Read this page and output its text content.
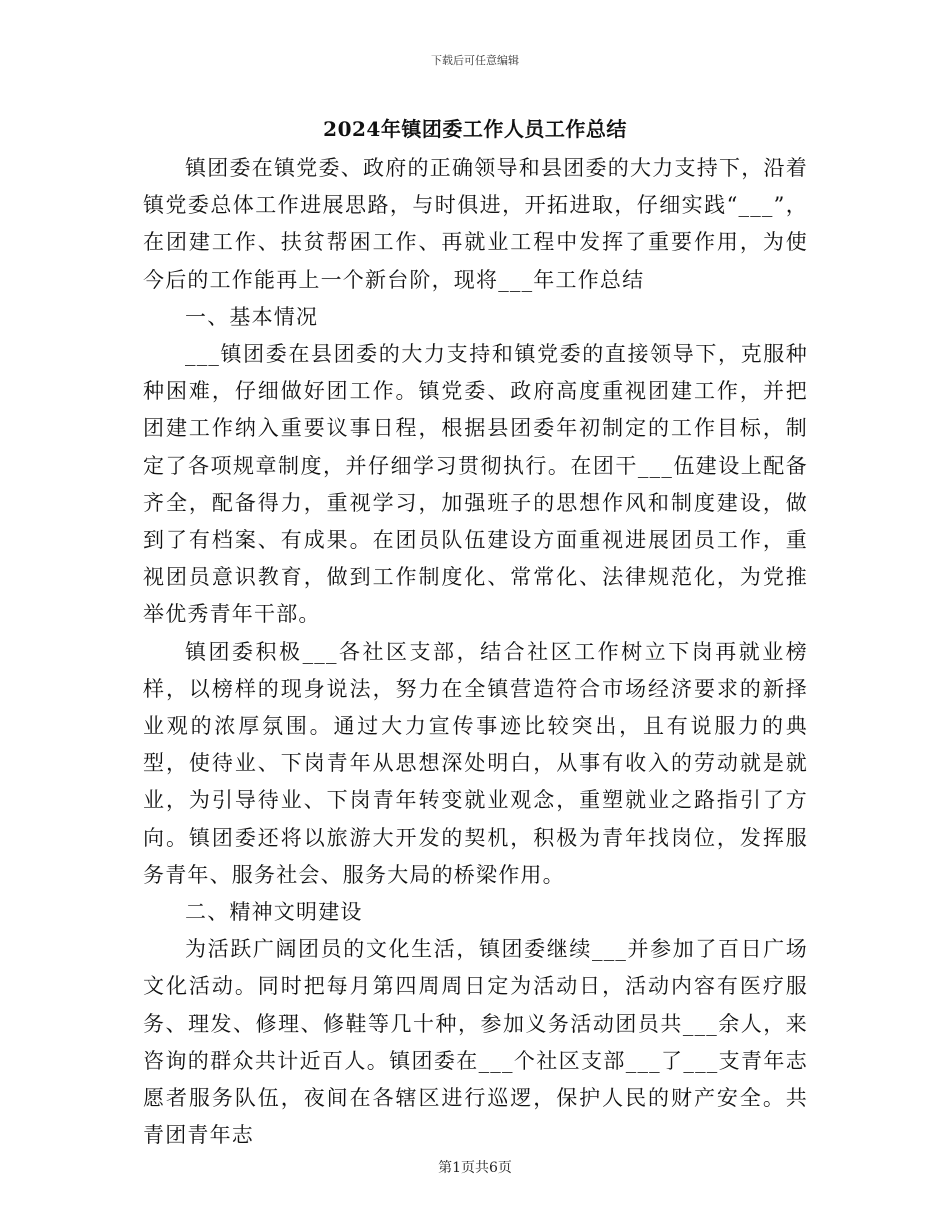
下载后可任意编辑
2024年镇团委工作人员工作总结

镇团委在镇党委、政府的正确领导和县团委的大力支持下，沿着镇党委总体工作进展思路，与时俱进，开拓进取，仔细实践“___”，在团建工作、扶贫帮困工作、再就业工程中发挥了重要作用，为使今后的工作能再上一个新台阶，现将___年工作总结

一、基本情况

___镇团委在县团委的大力支持和镇党委的直接领导下，克服种种困难，仔细做好团工作。镇党委、政府高度重视团建工作，并把团建工作纳入重要议事日程，根据县团委年初制定的工作目标，制定了各项规章制度，并仔细学习贯彻执行。在团干___伍建设上配备齐全，配备得力，重视学习，加强班子的思想作风和制度建设，做到了有档案、有成果。在团员队伍建设方面重视进展团员工作，重视团员意识教育，做到工作制度化、常常化、法律规范化，为党推举优秀青年干部。

镇团委积极___各社区支部，结合社区工作树立下岗再就业榜样，以榜样的现身说法，努力在全镇营造符合市场经济要求的新择业观的浓厚氛围。通过大力宣传事迹比较突出，且有说服力的典型，使待业、下岗青年从思想深处明白，从事有收入的劳动就是就业，为引导待业、下岗青年转变就业观念，重塑就业之路指引了方向。镇团委还将以旅游大开发的契机，积极为青年找岗位，发挥服务青年、服务社会、服务大局的桥梁作用。

二、精神文明建设

为活跃广阔团员的文化生活，镇团委继续___并参加了百日广场文化活动。同时把每月第四周周日定为活动日，活动内容有医疗服务、理发、修理、修鞋等几十种，参加义务活动团员共___余人，来咨询的群众共计近百人。镇团委在___个社区支部___了___支青年志愿者服务队伍，夜间在各辖区进行巡逻，保护人民的财产安全。共青团青年志

第1页共6页
